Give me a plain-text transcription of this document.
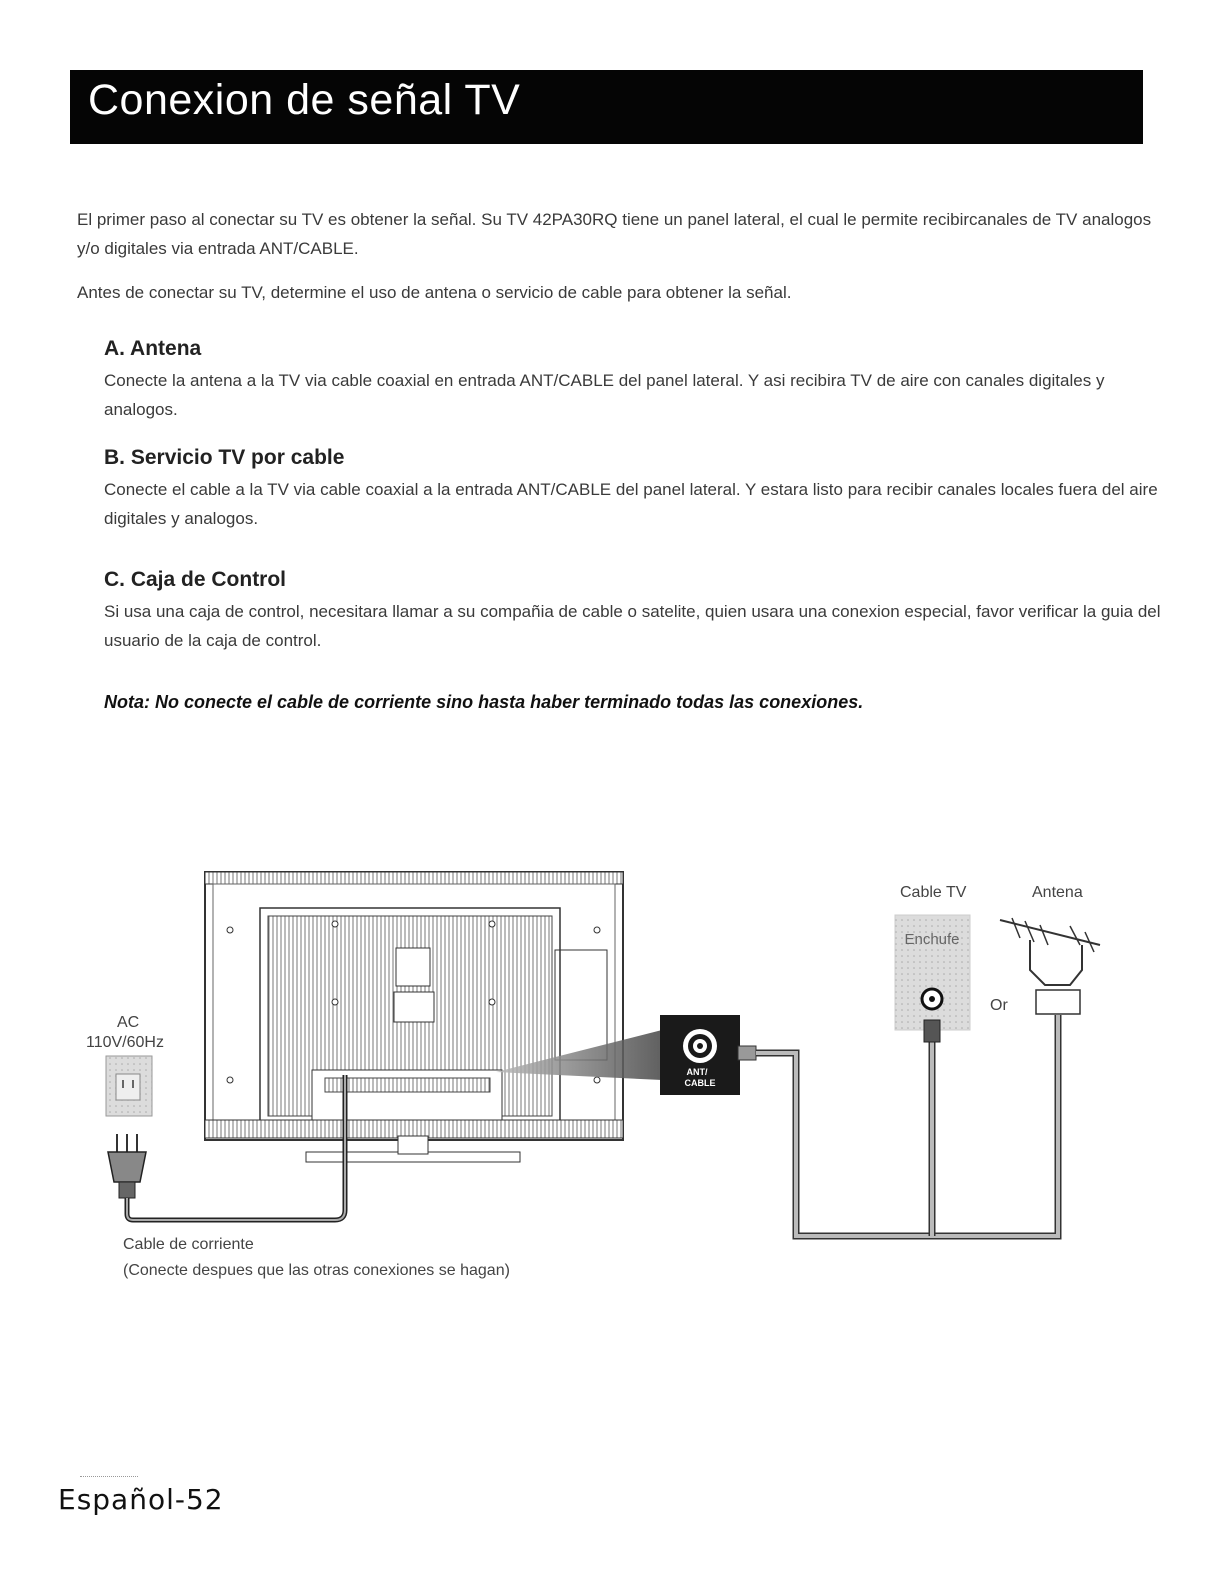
Conexion de señal TV
El primer paso al conectar su TV es obtener la señal. Su TV 42PA30RQ tiene un panel lateral, el cual le permite recibircanales de TV analogos y/o digitales via entrada ANT/CABLE.
Antes de conectar su TV, determine el uso de antena o servicio de cable para obtener la señal.
A. Antena
Conecte la antena a la TV via cable coaxial en entrada ANT/CABLE del panel lateral. Y asi recibira TV de aire con canales digitales y analogos.
B. Servicio TV por cable
Conecte el cable a la TV via cable coaxial a la entrada ANT/CABLE del panel lateral. Y estara listo para recibir canales locales fuera del aire digitales y analogos.
C. Caja de Control
Si usa una caja de control, necesitara llamar a su compañia de cable o satelite, quien usara una conexion especial, favor verificar la guia del usuario de la caja de control.
Nota: No conecte el cable de corriente sino hasta haber terminado todas las conexiones.
ANT/
CABLE
Enchufe
AC
110V/60Hz
Cable TV	Antena
Or
Cable de corriente
(Conecte despues que las otras conexiones se hagan)
Español-52
